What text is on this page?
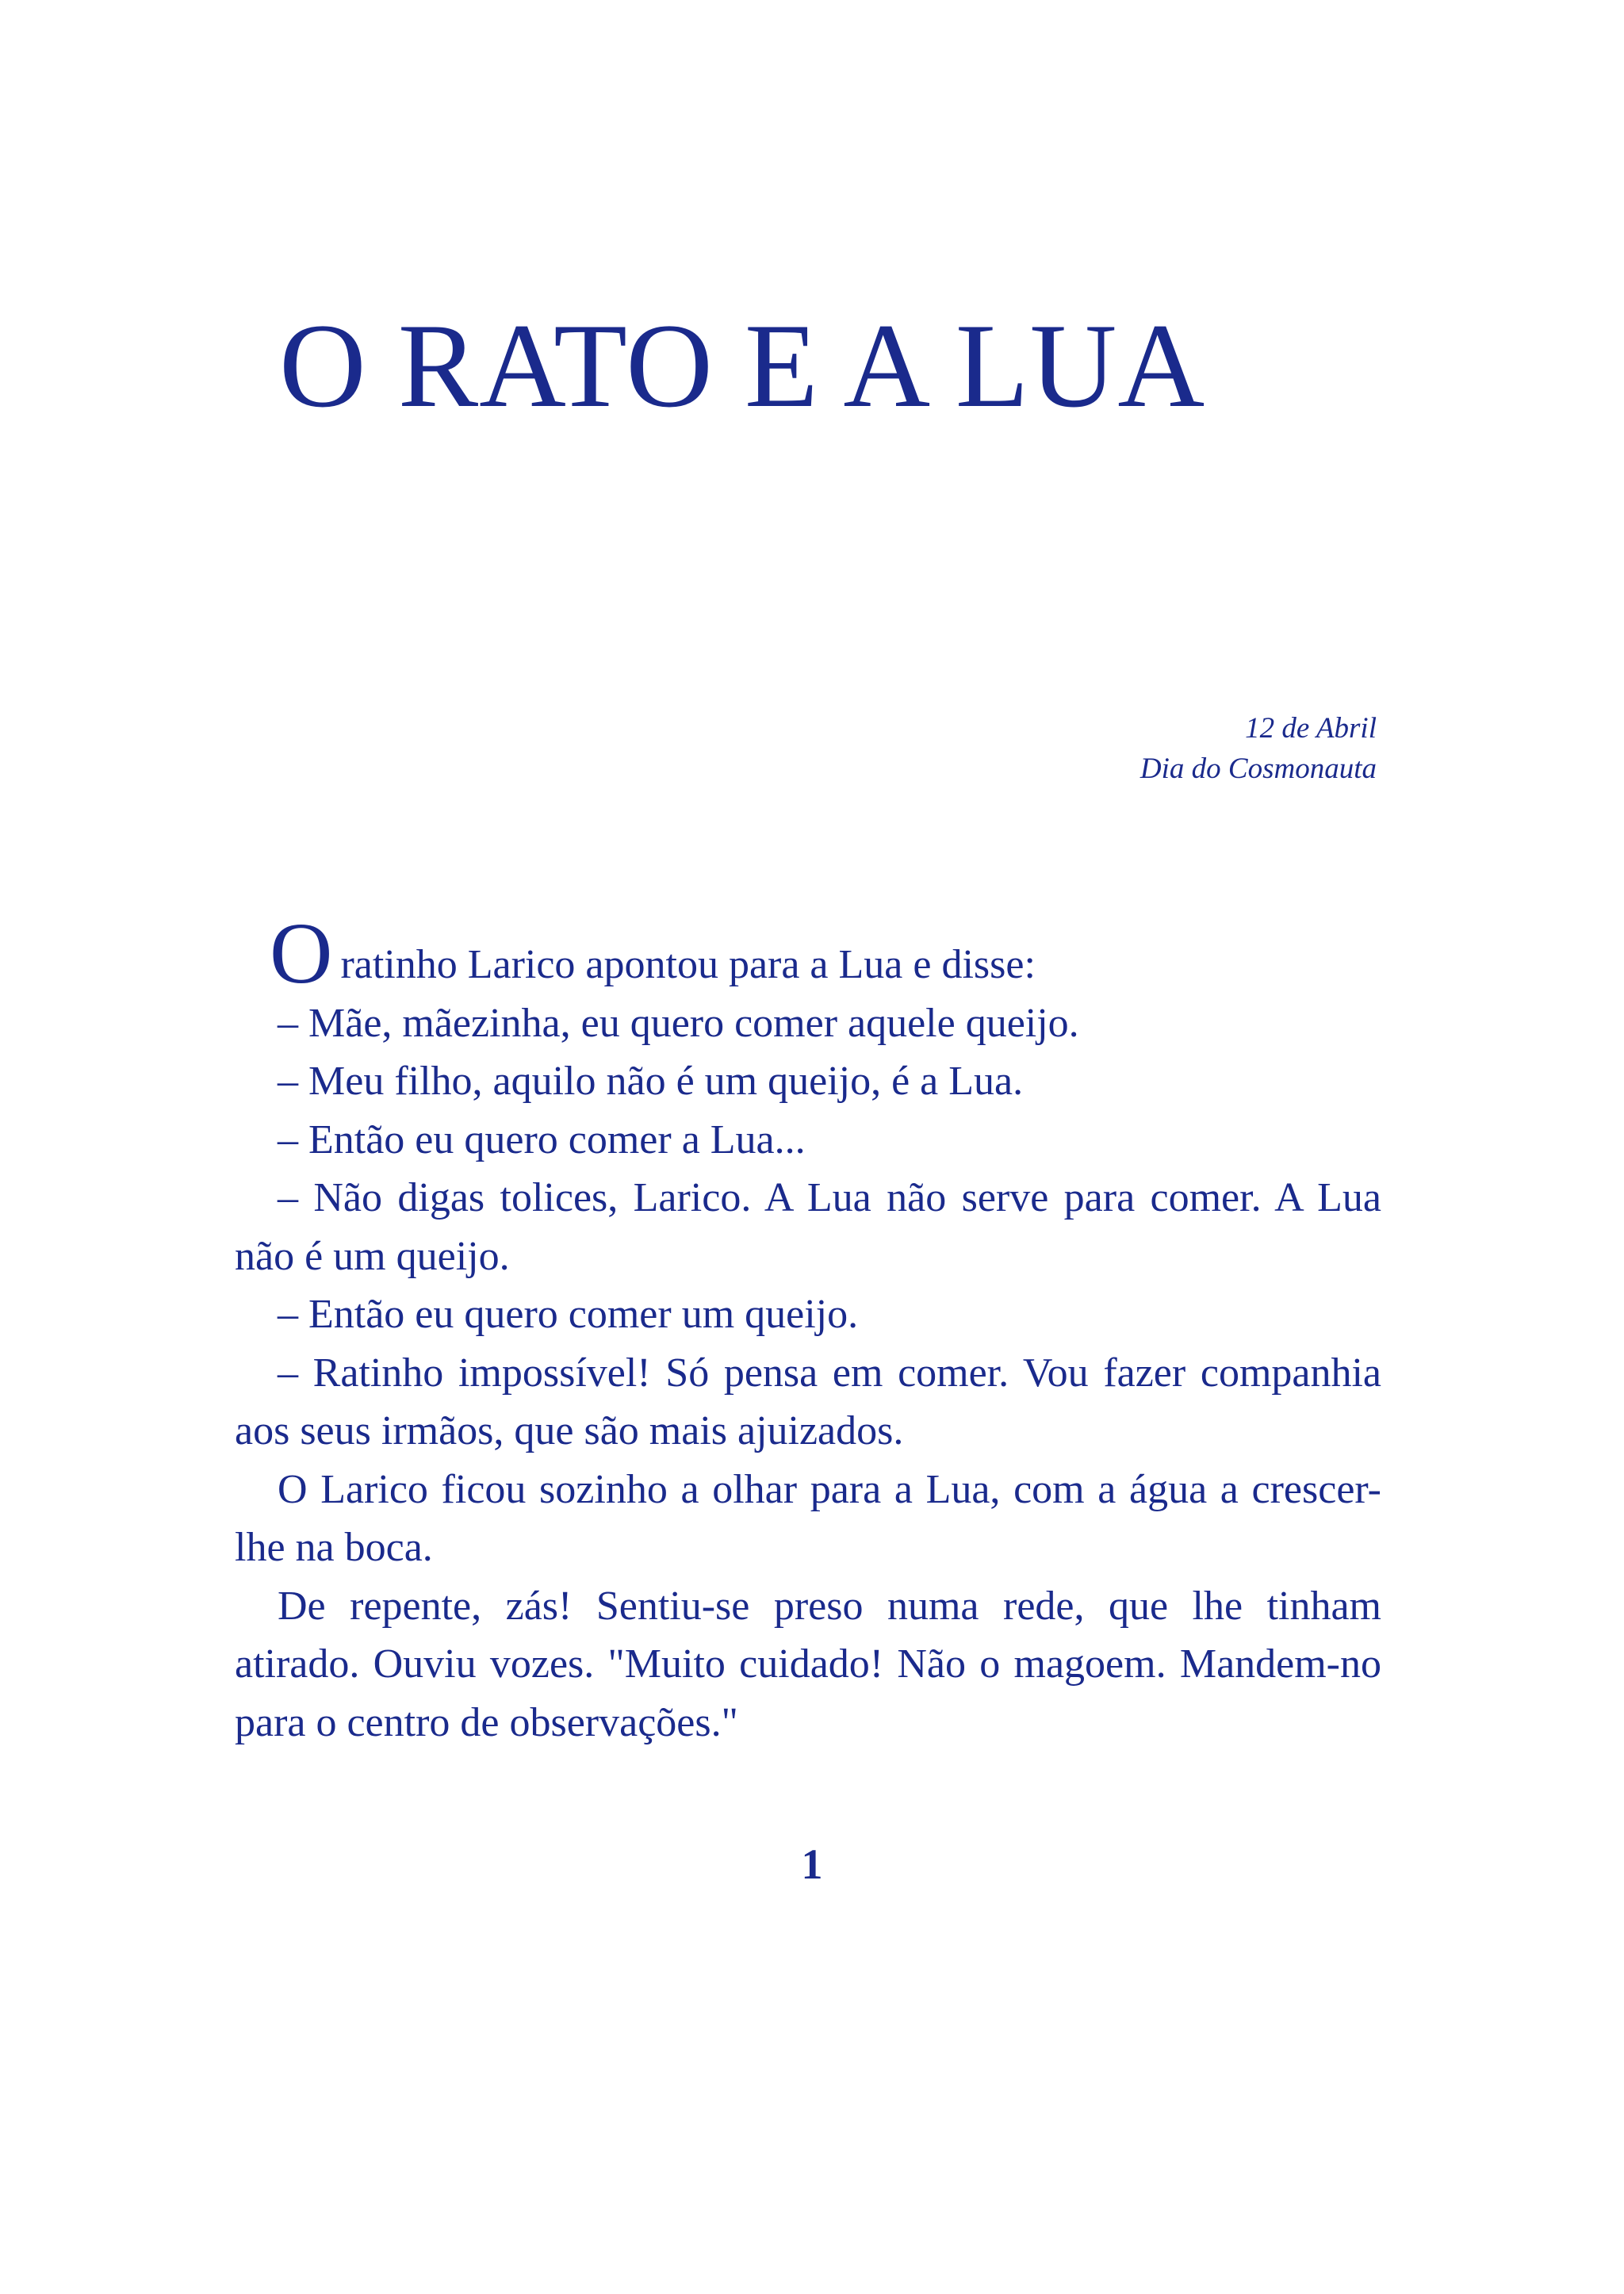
O RATO E A LUA
12 de Abril
Dia do Cosmonauta

Oratinho Larico apontou para a Lua e disse:

– Mãe, mãezinha, eu quero comer aquele queijo.

– Meu filho, aquilo não é um queijo, é a Lua.

– Então eu quero comer a Lua...

– Não digas tolices, Larico. A Lua não serve para comer. A Lua não é um queijo.

– Então eu quero comer um queijo.

– Ratinho impossível! Só pensa em comer. Vou fazer companhia aos seus irmãos, que são mais ajuizados.

O Larico ficou sozinho a olhar para a Lua, com a água a crescer-lhe na boca.

De repente, zás! Sentiu-se preso numa rede, que lhe tinham atirado. Ouviu vozes. "Muito cuidado! Não o magoem. Mandem-no para o centro de observações."

1
